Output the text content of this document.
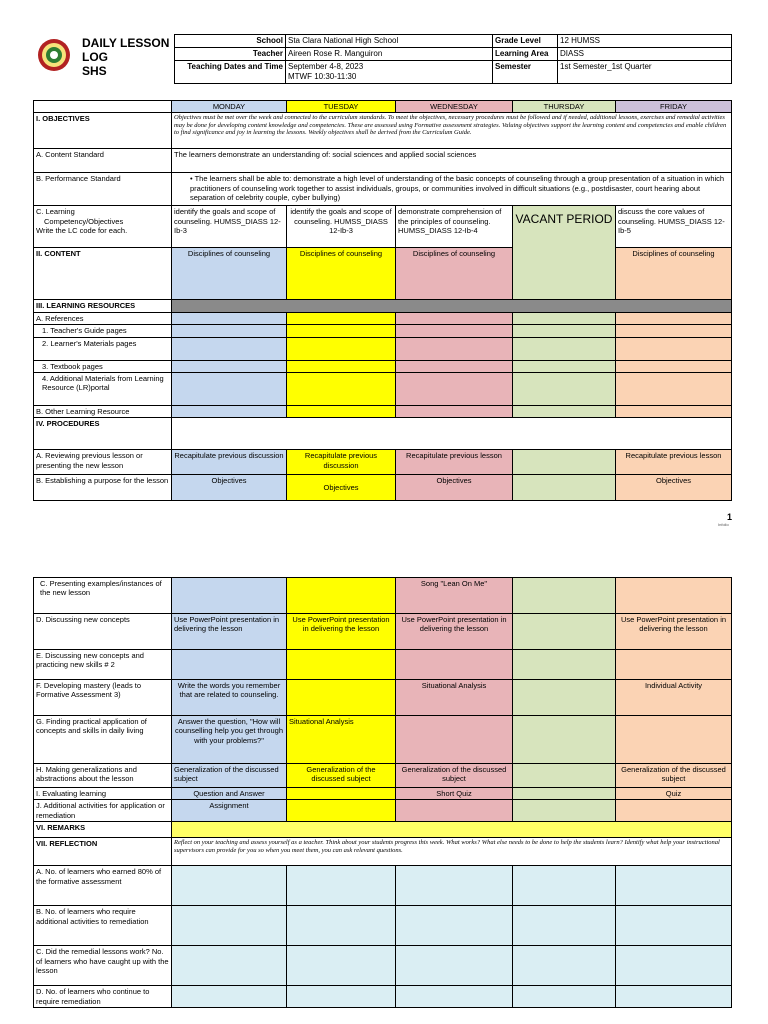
DAILY LESSON
LOG
SHS
School	Sta Clara National High School	Grade Level	12 HUMSS
Teacher	Aireen Rose R. Manguiron	Learning Area	DIASS
Teaching Dates and Time	September 4-8, 2023
MTWF 10:30-11:30	Semester	1st Semester_1st Quarter
	MONDAY	TUESDAY	WEDNESDAY	THURSDAY	FRIDAY
I. OBJECTIVES	Objectives must be met over the week and connected to the curriculum standards. To meet the objectives, necessary procedures must be followed and if needed, additional lessons, exercises and remedial activities may be done for developing content knowledge and competencies. These are assessed using Formative assessment strategies. Valuing objectives support the learning content and competencies and enable children to find significance and joy in learning the lessons. Weekly objectives shall be derived from the Curriculum Guide.				
A. Content Standard	The learners demonstrate an understanding of: social sciences and applied social sciences				
B. Performance Standard	• The learners shall be able to: demonstrate a high level of understanding of the basic concepts of counseling through a group presentation of a situation in which practitioners of counseling work together to assist individuals, groups, or communities involved in difficult situations (e.g., postdisaster, court hearing about separation of celebrity couple, cyber bullying)				

C. Learning
Competency/Objectives
Write the LC code for each.	identify the goals and scope of counseling. HUMSS_DIASS 12-Ib-3	identify the goals and scope of counseling. HUMSS_DIASS 12-Ib-3	demonstrate comprehension of the principles of counseling. HUMSS_DIASS 12-Ib-4	VACANT PERIOD	discuss the core values of counseling. HUMSS_DIASS 12-Ib-5
II. CONTENT	Disciplines of counseling	Disciplines of counseling	Disciplines of counseling		Disciplines of counseling
III. LEARNING RESOURCES					
A. References					
1. Teacher's Guide pages					
2. Learner's Materials pages					
3. Textbook pages					
4. Additional Materials from Learning Resource (LR)portal					
B. Other Learning Resource					
IV. PROCEDURES					
A. Reviewing previous lesson or presenting the new lesson	Recapitulate previous discussion	Recapitulate previous discussion	Recapitulate previous lesson		Recapitulate previous lesson
B. Establishing a purpose for the lesson	Objectives	Objectives	Objectives		Objectives
1
Infolio
C. Presenting examples/instances of the new lesson			Song "Lean On Me"		
D. Discussing new concepts	Use PowerPoint presentation in delivering the lesson	Use PowerPoint presentation in delivering the lesson	Use PowerPoint presentation in delivering the lesson		Use PowerPoint presentation in delivering the lesson
E. Discussing new concepts and practicing new skills # 2					
F. Developing mastery (leads to Formative Assessment 3)	Write the words you remember that are related to counseling.		Situational Analysis		Individual Activity
G. Finding practical application of concepts and skills in daily living	Answer the question, "How will counselling help you get through with your problems?"	Situational Analysis			
H. Making generalizations and abstractions about the lesson	Generalization of the discussed subject	Generalization of the discussed subject	Generalization of the discussed subject		Generalization of the discussed subject
I. Evaluating learning	Question and Answer		Short Quiz		Quiz
J. Additional activities for application or remediation	Assignment				
VI. REMARKS					
VII. REFLECTION	Reflect on your teaching and assess yourself as a teacher. Think about your students progress this week. What works? What else needs to be done to help the students learn? Identify what help your instructional supervisors can provide for you so when you meet them, you can ask relevant questions.				
A. No. of learners who earned 80% of the formative assessment					
B. No. of learners who require additional activities to remediation					
C. Did the remedial lessons work? No. of learners who have caught up with the lesson					
D. No. of learners who continue to require remediation					
